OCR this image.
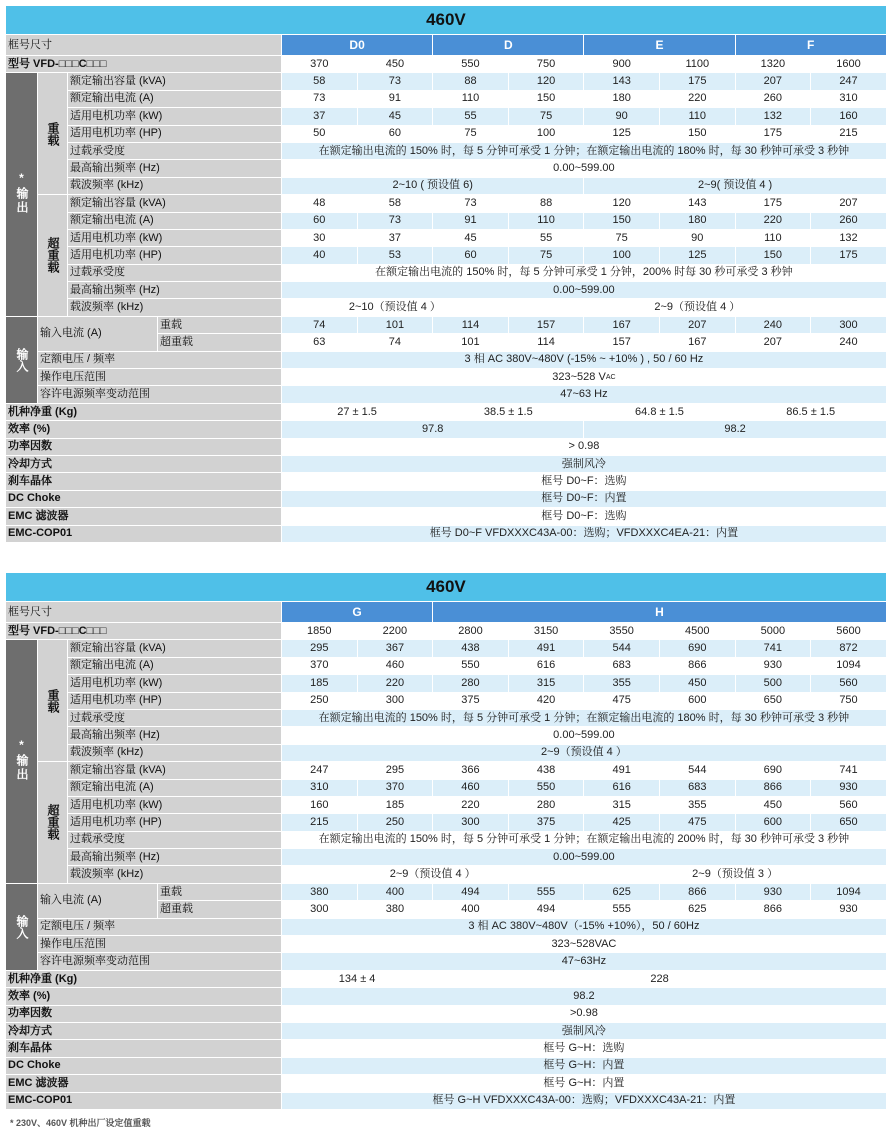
460V											
框号尺寸				D0		D		E		F	
型号 VFD-□□□C□□□				370	450	550	750	900	1100	1320	1600
*
输出	重载	额定输出容量 (kVA)		58	73	88	120	143	175	207	247
		额定输出电流 (A)		73	91	110	150	180	220	260	310
		适用电机功率 (kW)		37	45	55	75	90	110	132	160
		适用电机功率 (HP)		50	60	75	100	125	150	175	215
		过载承受度		在额定输出电流的 150% 时，每 5 分钟可承受 1 分钟；在额定输出电流的 180% 时，每 30 秒钟可承受 3 秒钟							
		最高输出频率 (Hz)		0.00~599.00							
		载波频率 (kHz)		2~10 ( 预设值 6)				2~9( 预设值 4 )			
	超重载	额定输出容量 (kVA)		48	58	73	88	120	143	175	207
		额定输出电流 (A)		60	73	91	110	150	180	220	260
		适用电机功率 (kW)		30	37	45	55	75	90	110	132
		适用电机功率 (HP)		40	53	60	75	100	125	150	175
		过载承受度		在额定输出电流的 150% 时，每 5 分钟可承受 1 分钟，200% 时每 30 秒可承受 3 秒钟							
		最高输出频率 (Hz)		0.00~599.00							
		载波频率 (kHz)		2~10（预设值 4 ）			2~9（预设值 4 ）				
输入	输入电流 (A)		重载	74	101	114	157	167	207	240	300
			超重载	63	74	101	114	157	167	207	240
	定额电压 / 频率			3 相 AC 380V~480V (-15% ~ +10% ) , 50 / 60 Hz							
	操作电压范围			323~528 $V^{AC}$
	容许电源频率变动范围			47~63 Hz							
机种净重 (Kg)				27 ± 1.5		38.5 ± 1.5		64.8 ± 1.5		86.5 ± 1.5	
效率 (%)				97.8				98.2			
功率因数				> 0.98							
冷却方式				强制风冷							
刹车晶体				框号 D0~F：选购							
DC Choke				框号 D0~F：内置							
EMC 滤波器				框号 D0~F：选购							
EMC-COP01				框号 D0~F VFDXXXC43A-00：选购；VFDXXXC4EA-21：内置							
460V											
框号尺寸				G		H					
型号 VFD-□□□C□□□				1850	2200	2800	3150	3550	4500	5000	5600
*
输出	重载	额定输出容量 (kVA)		295	367	438	491	544	690	741	872
		额定输出电流 (A)		370	460	550	616	683	866	930	1094
		适用电机功率 (kW)		185	220	280	315	355	450	500	560
		适用电机功率 (HP)		250	300	375	420	475	600	650	750
		过载承受度		在额定输出电流的 150% 时，每 5 分钟可承受 1 分钟；在额定输出电流的 180% 时，每 30 秒钟可承受 3 秒钟							
		最高输出频率 (Hz)		0.00~599.00							
		载波频率 (kHz)		2~9（预设值 4 ）							
	超重载	额定输出容量 (kVA)		247	295	366	438	491	544	690	741
		额定输出电流 (A)		310	370	460	550	616	683	866	930
		适用电机功率 (kW)		160	185	220	280	315	355	450	560
		适用电机功率 (HP)		215	250	300	375	425	475	600	650
		过载承受度		在额定输出电流的 150% 时，每 5 分钟可承受 1 分钟；在额定输出电流的 200% 时，每 30 秒钟可承受 3 秒钟							
		最高输出频率 (Hz)		0.00~599.00							
		载波频率 (kHz)		2~9（预设值 4 ）				2~9（预设值 3 ）			
输入	输入电流 (A)		重载	380	400	494	555	625	866	930	1094
			超重载	300	380	400	494	555	625	866	930
	定额电压 / 频率			3 相 AC 380V~480V（-15% +10%），50 / 60Hz							
	操作电压范围			323~528VAC							
	容许电源频率变动范围			47~63Hz							
机种净重 (Kg)				134 ± 4		228					
效率 (%)				98.2							
功率因数				>0.98							
冷却方式				强制风冷							
刹车晶体				框号 G~H：选购							
DC Choke				框号 G~H：内置							
EMC 滤波器				框号 G~H：内置							
EMC-COP01				框号 G~H VFDXXXC43A-00：选购；VFDXXXC43A-21：内置							
* 230V、460V 机种出厂设定值重载
